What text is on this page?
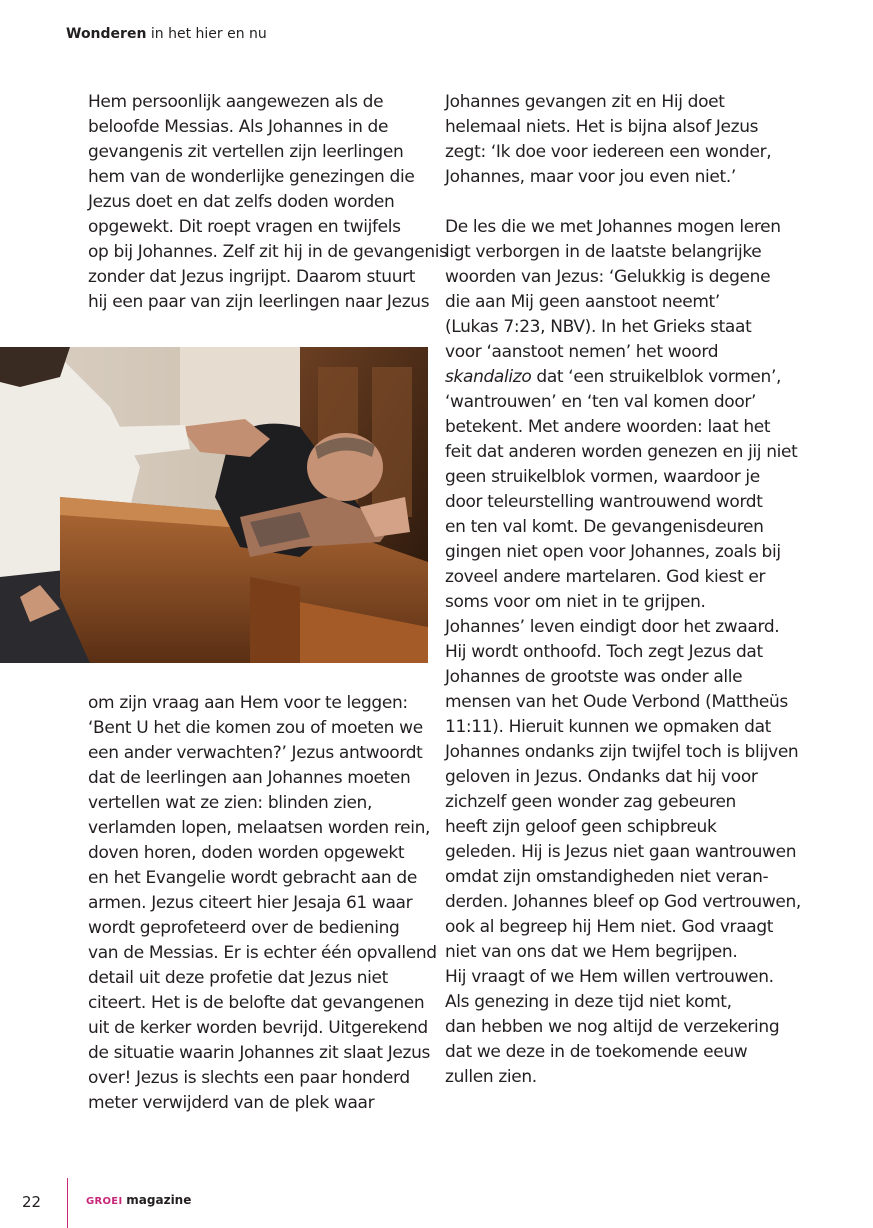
Wonderen in het hier en nu
Hem persoonlijk aangewezen als de
beloofde Messias. Als Johannes in de
gevangenis zit vertellen zijn leerlingen
hem van de wonderlijke genezingen die
Jezus doet en dat zelfs doden worden
opgewekt. Dit roept vragen en twijfels
op bij Johannes. Zelf zit hij in de gevangenis
zonder dat Jezus ingrijpt. Daarom stuurt
hij een paar van zijn leerlingen naar Jezus
om zijn vraag aan Hem voor te leggen:
‘Bent U het die komen zou of moeten we
een ander verwachten?’ Jezus antwoordt
dat de leerlingen aan Johannes moeten
vertellen wat ze zien: blinden zien,
verlamden lopen, melaatsen worden rein,
doven horen, doden worden opgewekt
en het Evangelie wordt gebracht aan de
armen. Jezus citeert hier Jesaja 61 waar
wordt geprofeteerd over de bediening
van de Messias. Er is echter één opvallend
detail uit deze profetie dat Jezus niet
citeert. Het is de belofte dat gevangenen
uit de kerker worden bevrijd. Uitgerekend
de situatie waarin Johannes zit slaat Jezus
over! Jezus is slechts een paar honderd
meter verwijderd van de plek waar
Johannes gevangen zit en Hij doet
helemaal niets. Het is bijna alsof Jezus
zegt: ‘Ik doe voor iedereen een wonder,
Johannes, maar voor jou even niet.’
De les die we met Johannes mogen leren
ligt verborgen in de laatste belangrijke
woorden van Jezus: ‘Gelukkig is degene
die aan Mij geen aanstoot neemt’
(Lukas 7:23, NBV). In het Grieks staat
voor ‘aanstoot nemen’ het woord
skandalizo dat ‘een struikelblok vormen’,
‘wantrouwen’ en ‘ten val komen door’
betekent. Met andere woorden: laat het
feit dat anderen worden genezen en jij niet
geen struikelblok vormen, waardoor je
door teleurstelling wantrouwend wordt
en ten val komt. De gevangenisdeuren
gingen niet open voor Johannes, zoals bij
zoveel andere martelaren. God kiest er
soms voor om niet in te grijpen.
Johannes’ leven eindigt door het zwaard.
Hij wordt onthoofd. Toch zegt Jezus dat
Johannes de grootste was onder alle
mensen van het Oude Verbond (Mattheüs
11:11). Hieruit kunnen we opmaken dat
Johannes ondanks zijn twijfel toch is blijven
geloven in Jezus. Ondanks dat hij voor
zichzelf geen wonder zag gebeuren
heeft zijn geloof geen schipbreuk
geleden. Hij is Jezus niet gaan wantrouwen
omdat zijn omstandigheden niet veran-
derden. Johannes bleef op God vertrouwen,
ook al begreep hij Hem niet. God vraagt
niet van ons dat we Hem begrijpen.
Hij vraagt of we Hem willen vertrouwen.
Als genezing in deze tijd niet komt,
dan hebben we nog altijd de verzekering
dat we deze in de toekomende eeuw
zullen zien.
22	GROEI magazine
